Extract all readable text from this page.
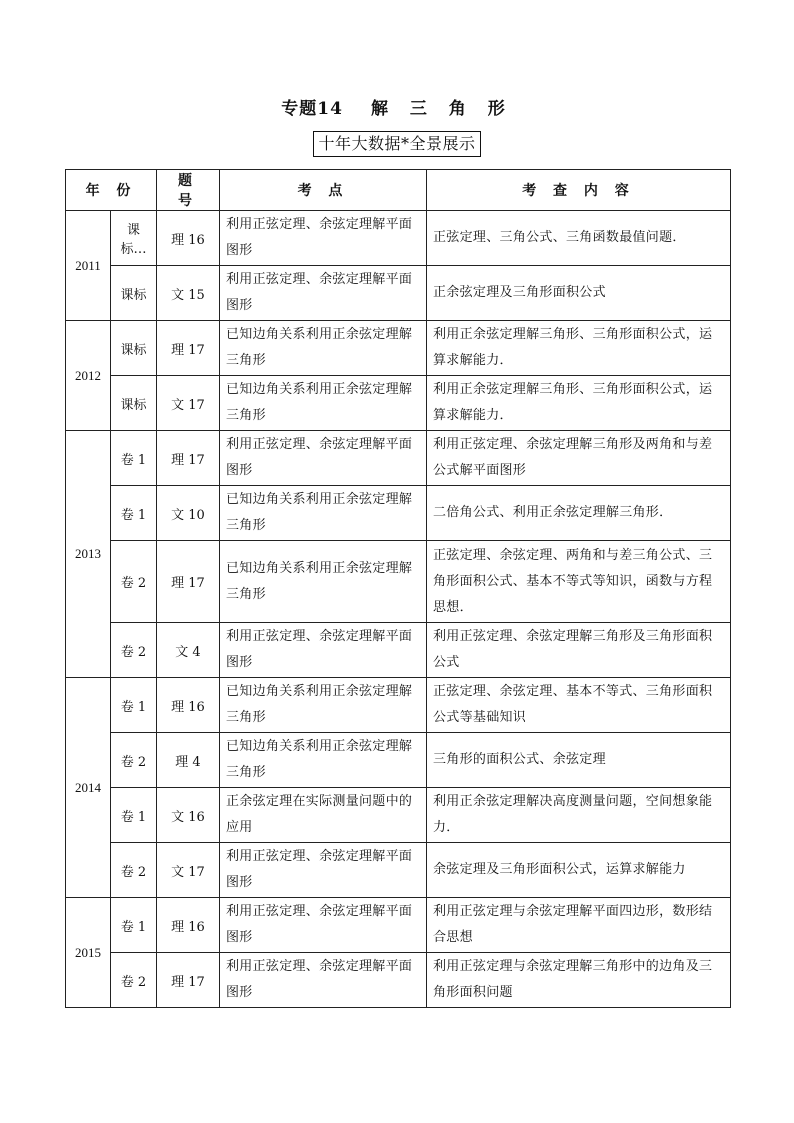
专题14 解 三 角 形
十年大数据*全景展示
年 份		题 号	考 点	考 查 内 容
2011	课标…	理 16	利用正弦定理、余弦定理解平面图形	正弦定理、三角公式、三角函数最值问题．
	课标	文 15	利用正弦定理、余弦定理解平面图形	正余弦定理及三角形面积公式
2012	课标	理 17	已知边角关系利用正余弦定理解三角形	利用正余弦定理解三角形、三角形面积公式，运算求解能力．
	课标	文 17	已知边角关系利用正余弦定理解三角形	利用正余弦定理解三角形、三角形面积公式，运算求解能力．
2013	卷 1	理 17	利用正弦定理、余弦定理解平面图形	利用正弦定理、余弦定理解三角形及两角和与差公式解平面图形
	卷 1	文 10	已知边角关系利用正余弦定理解三角形	二倍角公式、利用正余弦定理解三角形．
	卷 2	理 17	已知边角关系利用正余弦定理解三角形	正弦定理、余弦定理、两角和与差三角公式、三角形面积公式、基本不等式等知识，函数与方程思想．
	卷 2	文 4	利用正弦定理、余弦定理解平面图形	利用正弦定理、余弦定理解三角形及三角形面积公式
2014	卷 1	理 16	已知边角关系利用正余弦定理解三角形	正弦定理、余弦定理、基本不等式、三角形面积公式等基础知识
	卷 2	理 4	已知边角关系利用正余弦定理解三角形	三角形的面积公式、余弦定理
	卷 1	文 16	正余弦定理在实际测量问题中的应用	利用正余弦定理解决高度测量问题，空间想象能力．
	卷 2	文 17	利用正弦定理、余弦定理解平面图形	余弦定理及三角形面积公式，运算求解能力
2015	卷 1	理 16	利用正弦定理、余弦定理解平面图形	利用正弦定理与余弦定理解平面四边形，数形结合思想
	卷 2	理 17	利用正弦定理、余弦定理解平面图形	利用正弦定理与余弦定理解三角形中的边角及三角形面积问题
